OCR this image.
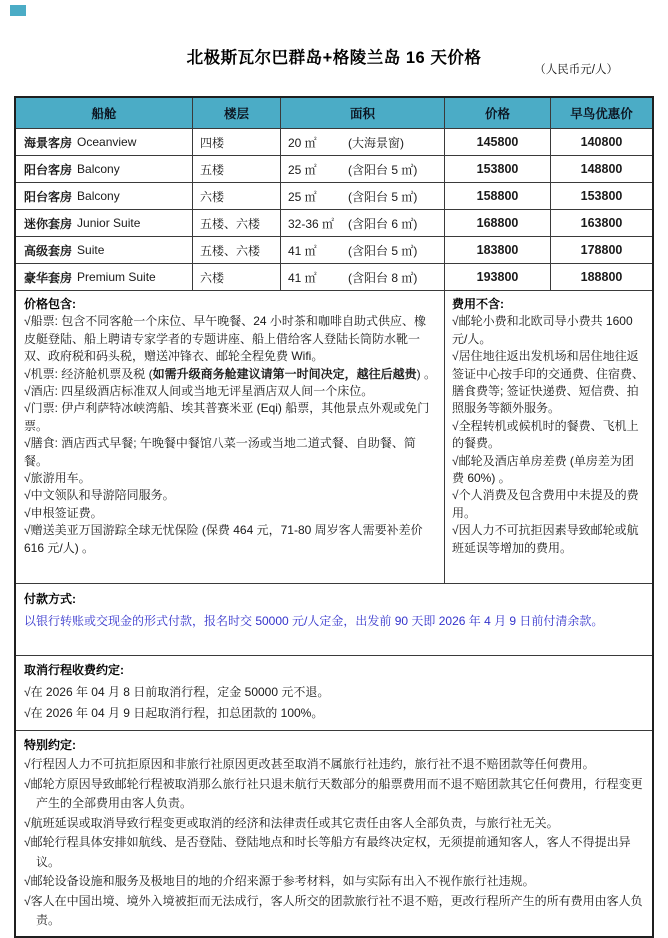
北极斯瓦尔巴群岛+格陵兰岛 16 天价格
（人民币元/人）
船舱	楼层	面积	价格	早鸟优惠价
海景客房 Oceanview	四楼	20 ㎡	(大海景窗)	145800	140800
阳台客房 Balcony	五楼	25 ㎡	(含阳台 5 ㎡)	153800	148800
阳台客房 Balcony	六楼	25 ㎡	(含阳台 5 ㎡)	158800	153800
迷你套房 Junior Suite	五楼、六楼	32-36 ㎡	(含阳台 6 ㎡)	168800	163800
高级套房 Suite	五楼、六楼	41 ㎡	(含阳台 5 ㎡)	183800	178800
豪华套房 Premium Suite	六楼	41 ㎡	(含阳台 8 ㎡)	193800	188800
价格包含:
√船票: 包含不同客舱一个床位、早午晚餐、24 小时茶和咖啡自助式供应、橡皮艇登陆、船上聘请专家学者的专题讲座、船上借给客人登陆长筒防水靴一双、政府税和码头税，赠送冲锋衣、邮轮全程免费 Wifi。
√机票: 经济舱机票及税 (如需升级商务舱建议请第一时间决定，越往后越贵) 。
√酒店: 四星级酒店标准双人间或当地无评星酒店双人间一个床位。
√门票: 伊卢利萨特冰峡湾船、埃其普赛米亚 (Eqi) 船票，其他景点外观或免门票。
√膳食: 酒店西式早餐; 午晚餐中餐馆八菜一汤或当地二道式餐、自助餐、简餐。
√旅游用车。
√中文领队和导游陪同服务。
√申根签证费。
√赠送美亚万国游踪全球无忧保险 (保费 464 元，71-80 周岁客人需要补差价 616 元/人) 。
费用不含:
√邮轮小费和北欧司导小费共 1600 元/人。
√居住地往返出发机场和居住地往返签证中心按手印的交通费、住宿费、膳食费等; 签证快递费、短信费、拍照服务等额外服务。
√全程转机或候机时的餐费、飞机上的餐费。
√邮轮及酒店单房差费 (单房差为团费 60%) 。
√个人消费及包含费用中未提及的费用。
√因人力不可抗拒因素导致邮轮或航班延误等增加的费用。
付款方式:
以银行转账或交现金的形式付款，报名时交 50000 元/人定金，出发前 90 天即 2026 年 4 月 9 日前付清余款。
取消行程收费约定:
√在 2026 年 04 月 8 日前取消行程，定金 50000 元不退。
√在 2026 年 04 月 9 日起取消行程，扣总团款的 100%。
特别约定:
√行程因人力不可抗拒原因和非旅行社原因更改甚至取消不属旅行社违约，旅行社不退不赔团款等任何费用。
√邮轮方原因导致邮轮行程被取消那么旅行社只退未航行天数部分的船票费用而不退不赔团款其它任何费用，行程变更产生的全部费用由客人负责。
√航班延误或取消导致行程变更或取消的经济和法律责任或其它责任由客人全部负责，与旅行社无关。
√邮轮行程具体安排如航线、是否登陆、登陆地点和时长等船方有最终决定权，无须提前通知客人，客人不得提出异议。
√邮轮设备设施和服务及极地目的地的介绍来源于参考材料，如与实际有出入不视作旅行社违规。
√客人在中国出境、境外入境被拒而无法成行，客人所交的团款旅行社不退不赔，更改行程所产生的所有费用由客人负责。
